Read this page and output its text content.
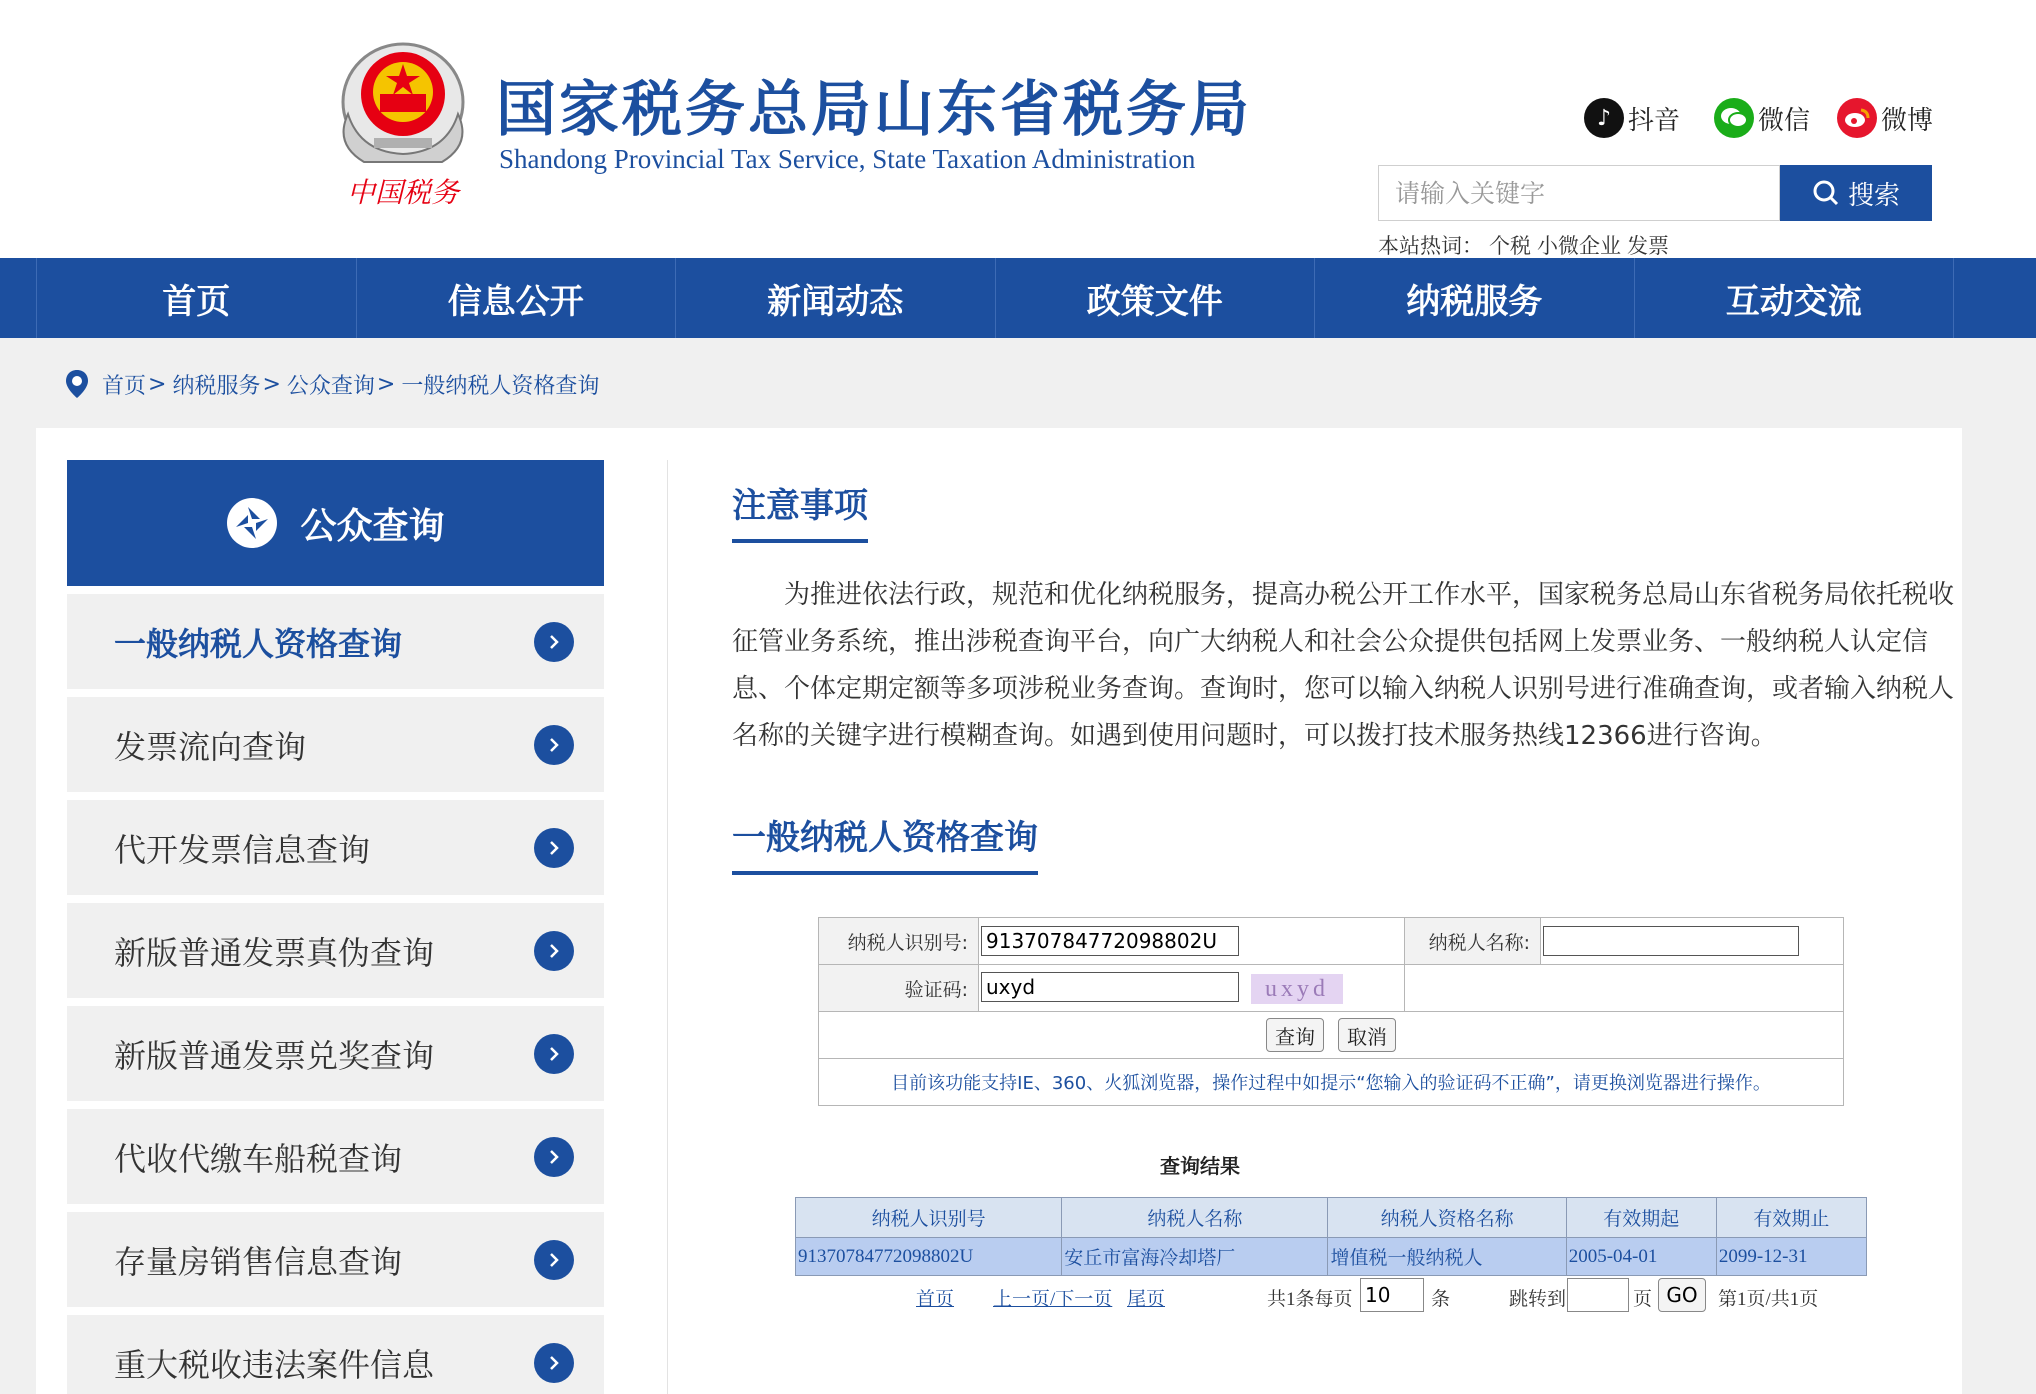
中国税务
国家税务总局山东省税务局
Shandong Provincial Tax Service, State Taxation Administration
♪ 抖音	微信	微博
请输入关键字
搜索
本站热词： 个税 小微企业 发票
首页	信息公开	新闻动态	政策文件	纳税服务	互动交流
首页 > 纳税服务 > 公众查询 > 一般纳税人资格查询
公众查询
一般纳税人资格查询
发票流向查询
代开发票信息查询
新版普通发票真伪查询
新版普通发票兑奖查询
代收代缴车船税查询
存量房销售信息查询
重大税收违法案件信息
注意事项

为推进依法行政，规范和优化纳税服务，提高办税公开工作水平，国家税务总局山东省税务局依托税收征管业务系统，推出涉税查询平台，向广大纳税人和社会公众提供包括网上发票业务、一般纳税人认定信息、个体定期定额等多项涉税业务查询。查询时，您可以输入纳税人识别号进行准确查询，或者输入纳税人名称的关键字进行模糊查询。如遇到使用问题时，可以拨打技术服务热线12366进行咨询。

一般纳税人资格查询
纳税人识别号:	91370784772098802U	纳税人名称:	
验证码:	uxyduxyd	
查询 取消			
目前该功能支持IE、360、火狐浏览器，操作过程中如提示“您输入的验证码不正确”，请更换浏览器进行操作。			
查询结果
纳税人识别号	纳税人名称	纳税人资格名称	有效期起	有效期止
91370784772098802U	安丘市富海冷却塔厂	增值税一般纳税人	2005-04-01	2099-12-31
首页 上一页/下一页 尾页	共1条每页
10	条	跳转到	页 GO	第1页/共1页
